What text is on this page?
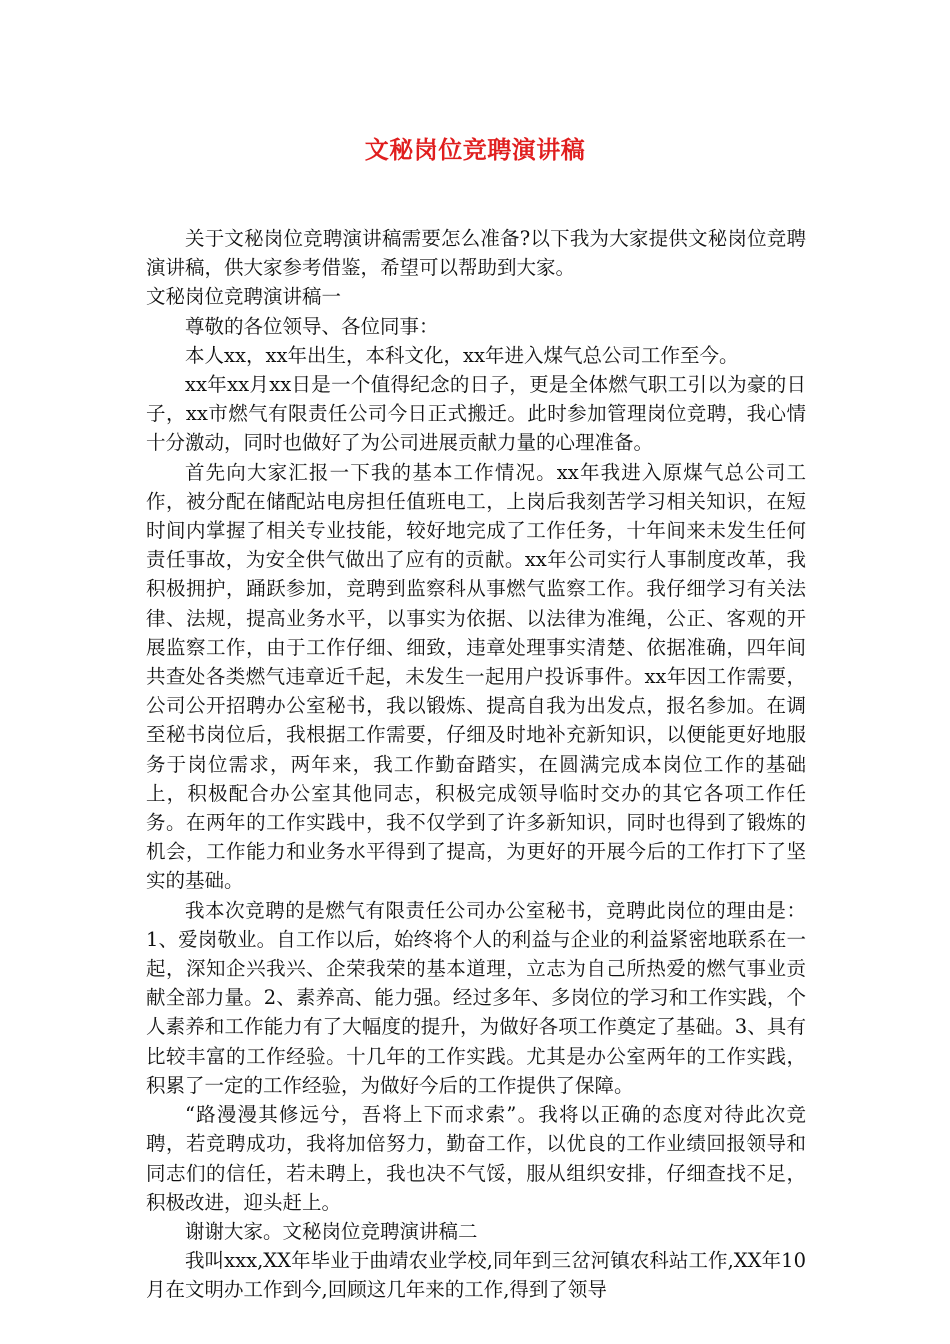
文秘岗位竞聘演讲稿

关于文秘岗位竞聘演讲稿需要怎么准备?以下我为大家提供文秘岗位竞聘演讲稿，供大家参考借鉴，希望可以帮助到大家。

文秘岗位竞聘演讲稿一

尊敬的各位领导、各位同事：

本人xx，xx年出生，本科文化，xx年进入煤气总公司工作至今。

xx年xx月xx日是一个值得纪念的日子，更是全体燃气职工引以为豪的日子，xx市燃气有限责任公司今日正式搬迁。此时参加管理岗位竞聘，我心情十分激动，同时也做好了为公司进展贡献力量的心理准备。

首先向大家汇报一下我的基本工作情况。xx年我进入原煤气总公司工作，被分配在储配站电房担任值班电工，上岗后我刻苦学习相关知识，在短时间内掌握了相关专业技能，较好地完成了工作任务，十年间来未发生任何责任事故，为安全供气做出了应有的贡献。xx年公司实行人事制度改革，我积极拥护，踊跃参加，竞聘到监察科从事燃气监察工作。我仔细学习有关法律、法规，提高业务水平，以事实为依据、以法律为准绳，公正、客观的开展监察工作，由于工作仔细、细致，违章处理事实清楚、依据准确，四年间共查处各类燃气违章近千起，未发生一起用户投诉事件。xx年因工作需要，公司公开招聘办公室秘书，我以锻炼、提高自我为出发点，报名参加。在调至秘书岗位后，我根据工作需要，仔细及时地补充新知识，以便能更好地服务于岗位需求，两年来，我工作勤奋踏实，在圆满完成本岗位工作的基础上，积极配合办公室其他同志，积极完成领导临时交办的其它各项工作任务。在两年的工作实践中，我不仅学到了许多新知识，同时也得到了锻炼的机会，工作能力和业务水平得到了提高，为更好的开展今后的工作打下了坚实的基础。

我本次竞聘的是燃气有限责任公司办公室秘书，竞聘此岗位的理由是：1、爱岗敬业。自工作以后，始终将个人的利益与企业的利益紧密地联系在一起，深知企兴我兴、企荣我荣的基本道理，立志为自己所热爱的燃气事业贡献全部力量。2、素养高、能力强。经过多年、多岗位的学习和工作实践，个人素养和工作能力有了大幅度的提升，为做好各项工作奠定了基础。3、具有比较丰富的工作经验。十几年的工作实践。尤其是办公室两年的工作实践，积累了一定的工作经验，为做好今后的工作提供了保障。

“路漫漫其修远兮，吾将上下而求索”。我将以正确的态度对待此次竞聘，若竞聘成功，我将加倍努力，勤奋工作，以优良的工作业绩回报领导和同志们的信任，若未聘上，我也决不气馁，服从组织安排，仔细查找不足，积极改进，迎头赶上。

谢谢大家。文秘岗位竞聘演讲稿二

我叫xxx,XX年毕业于曲靖农业学校,同年到三岔河镇农科站工作,XX年10月在文明办工作到今,回顾这几年来的工作,得到了领导
